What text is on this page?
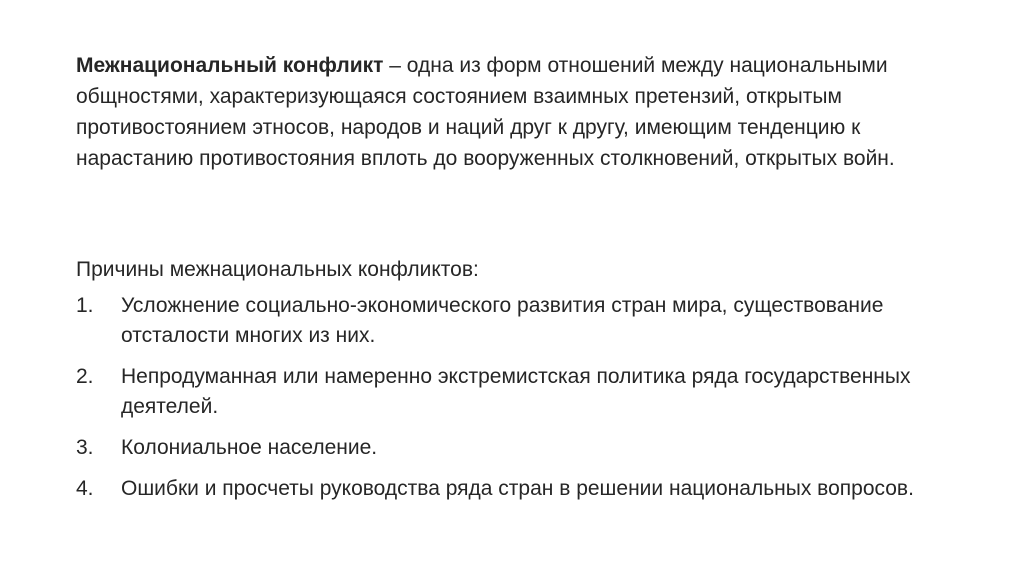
Межнациональный конфликт – одна из форм отношений между национальными общностями, характеризующаяся состоянием взаимных претензий, открытым противостоянием этносов, народов и наций друг к другу, имеющим тенденцию к нарастанию противостояния вплоть до вооруженных столкновений, открытых войн.

Причины межнациональных конфликтов:

1.	Усложнение социально-экономического развития стран мира, существование отсталости многих из них.
2.	Непродуманная или намеренно экстремистская политика ряда государственных деятелей.
3.	Колониальное население.
4.	Ошибки и просчеты руководства ряда стран в решении национальных вопросов.
